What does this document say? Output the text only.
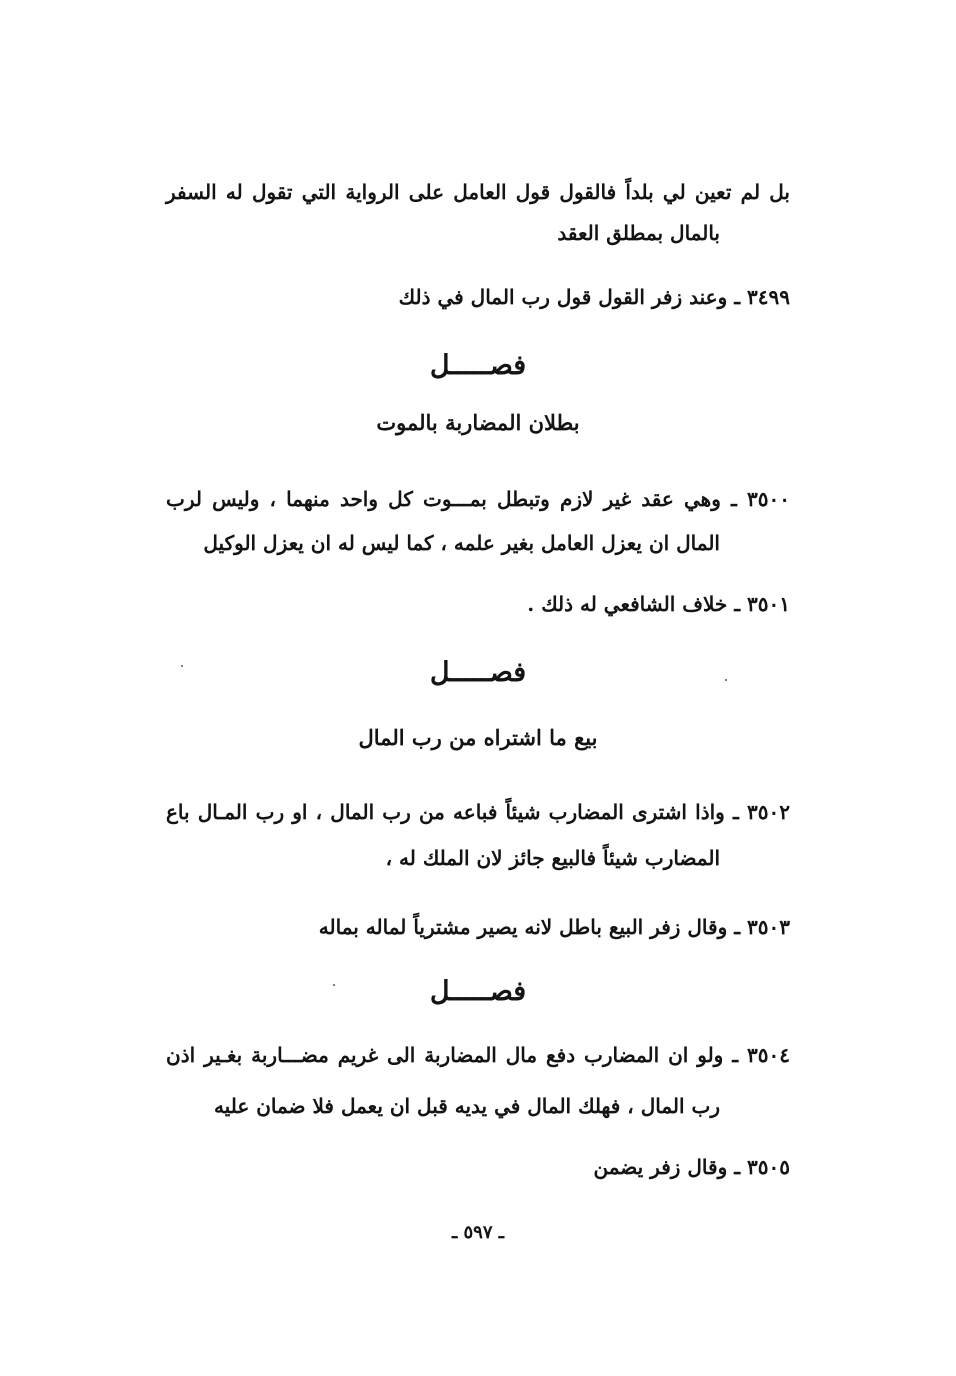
بل لم تعين لي بلداً فالقول قول العامل على الرواية التي تقول له السفر
بالمال بمطلق العقد
٣٤٩٩ ـ وعند زفر القول قول رب المال في ذلك
فصـــــل
بطلان المضاربة بالموت
٣٥٠٠ ـ وهي عقد غير لازم وتبطل بمـــوت كل واحد منهما ، وليس لرب
المال ان يعزل العامل بغير علمه ، كما ليس له ان يعزل الوكيل
٣٥٠١ ـ خلاف الشافعي له ذلك .
فصـــــل
بيع ما اشتراه من رب المال
٣٥٠٢ ـ واذا اشترى المضارب شيئاً فباعه من رب المال ، او رب المـال باع
المضارب شيئاً فالبيع جائز لان الملك له ،
٣٥٠٣ ـ وقال زفر البيع باطل لانه يصير مشترياً لماله بماله
فصـــــل
٣٥٠٤ ـ ولو ان المضارب دفع مال المضاربة الى غريم مضـــاربة بغـير اذن
رب المال ، فهلك المال في يديه قبل ان يعمل فلا ضمان عليه
٣٥٠٥ ـ وقال زفر يضمن
ـ ٥٩٧ ـ
